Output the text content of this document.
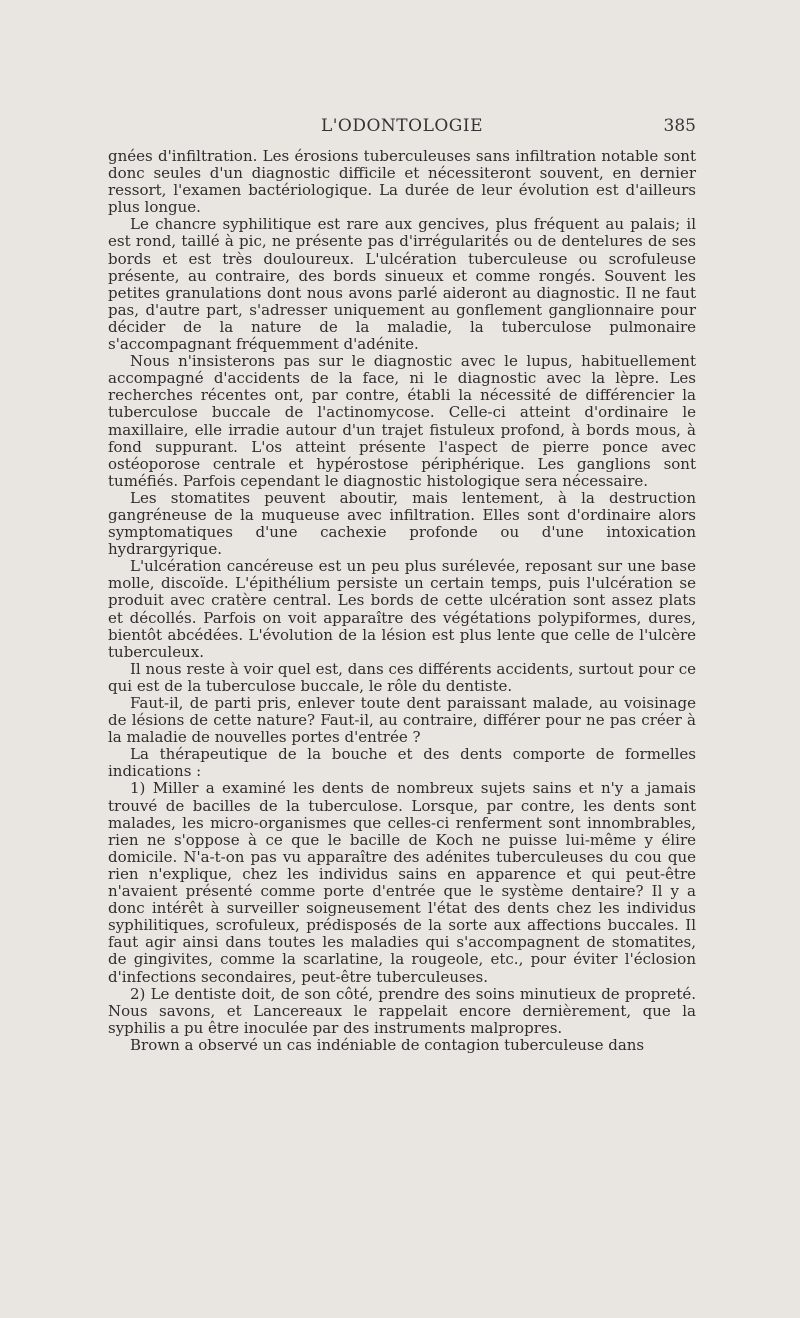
L'ODONTOLOGIE	385

gnées d'infiltration. Les érosions tuberculeuses sans infiltration notable sont donc seules d'un diagnostic difficile et nécessiteront souvent, en dernier ressort, l'examen bactériologique. La durée de leur évolution est d'ailleurs plus longue.

Le chancre syphilitique est rare aux gencives, plus fréquent au palais; il est rond, taillé à pic, ne présente pas d'irrégularités ou de dentelures de ses bords et est très douloureux. L'ulcération tuberculeuse ou scrofuleuse présente, au contraire, des bords sinueux et comme rongés. Souvent les petites granulations dont nous avons parlé aideront au diagnostic. Il ne faut pas, d'autre part, s'adresser uniquement au gonflement ganglionnaire pour décider de la nature de la maladie, la tuberculose pulmonaire s'accompagnant fréquemment d'adénite.

Nous n'insisterons pas sur le diagnostic avec le lupus, habituellement accompagné d'accidents de la face, ni le diagnostic avec la lèpre. Les recherches récentes ont, par contre, établi la nécessité de différencier la tuberculose buccale de l'actinomycose. Celle-ci atteint d'ordinaire le maxillaire, elle irradie autour d'un trajet fistuleux profond, à bords mous, à fond suppurant. L'os atteint présente l'aspect de pierre ponce avec ostéoporose centrale et hypérostose périphérique. Les ganglions sont tuméfiés. Parfois cependant le diagnostic histologique sera nécessaire.

Les stomatites peuvent aboutir, mais lentement, à la destruction gangréneuse de la muqueuse avec infiltration. Elles sont d'ordinaire alors symptomatiques d'une cachexie profonde ou d'une intoxication hydrargyrique.

L'ulcération cancéreuse est un peu plus surélevée, reposant sur une base molle, discoïde. L'épithélium persiste un certain temps, puis l'ulcération se produit avec cratère central. Les bords de cette ulcération sont assez plats et décollés. Parfois on voit apparaître des végétations polypiformes, dures, bientôt abcédées. L'évolution de la lésion est plus lente que celle de l'ulcère tuberculeux.

Il nous reste à voir quel est, dans ces différents accidents, surtout pour ce qui est de la tuberculose buccale, le rôle du dentiste.

Faut-il, de parti pris, enlever toute dent paraissant malade, au voisinage de lésions de cette nature? Faut-il, au contraire, différer pour ne pas créer à la maladie de nouvelles portes d'entrée ?

La thérapeutique de la bouche et des dents comporte de formelles indications :

1) Miller a examiné les dents de nombreux sujets sains et n'y a jamais trouvé de bacilles de la tuberculose. Lorsque, par contre, les dents sont malades, les micro-organismes que celles-ci renferment sont innombrables, rien ne s'oppose à ce que le bacille de Koch ne puisse lui-même y élire domicile. N'a-t-on pas vu apparaître des adénites tuberculeuses du cou que rien n'explique, chez les individus sains en apparence et qui peut-être n'avaient présenté comme porte d'entrée que le système dentaire? Il y a donc intérêt à surveiller soigneusement l'état des dents chez les individus syphilitiques, scrofuleux, prédisposés de la sorte aux affections buccales. Il faut agir ainsi dans toutes les maladies qui s'accompagnent de stomatites, de gingivites, comme la scarlatine, la rougeole, etc., pour éviter l'éclosion d'infections secondaires, peut-être tuberculeuses.

2) Le dentiste doit, de son côté, prendre des soins minutieux de propreté. Nous savons, et Lancereaux le rappelait encore dernièrement, que la syphilis a pu être inoculée par des instruments malpropres.

Brown a observé un cas indéniable de contagion tuberculeuse dans
